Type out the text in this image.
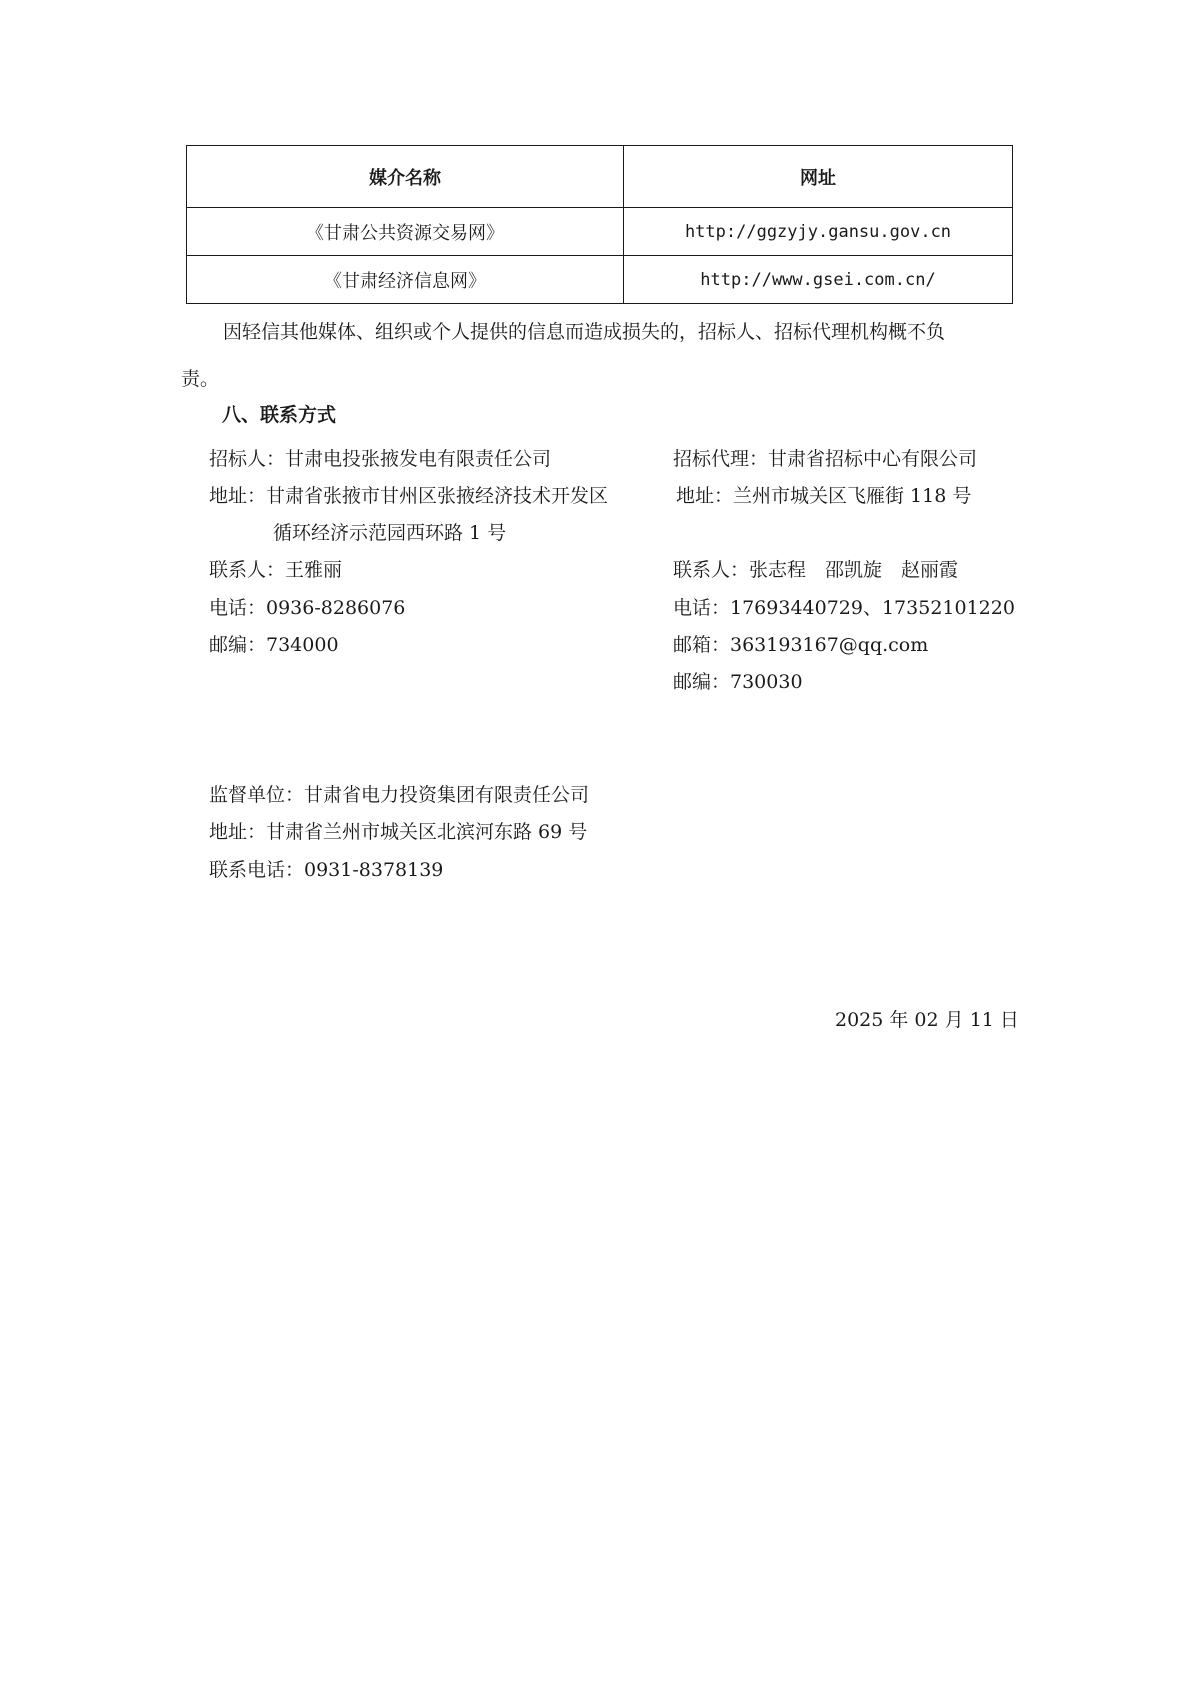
媒介名称	网址
《甘肃公共资源交易网》	http://ggzyjy.gansu.gov.cn
《甘肃经济信息网》	http://www.gsei.com.cn/
因轻信其他媒体、组织或个人提供的信息而造成损失的，招标人、招标代理机构概不负
责。
八、联系方式
招标人：甘肃电投张掖发电有限责任公司
地址：甘肃省张掖市甘州区张掖经济技术开发区
循环经济示范园西环路 1 号
联系人：王雅丽
电话：0936-8286076
邮编：734000
招标代理：甘肃省招标中心有限公司
地址：兰州市城关区飞雁街 118 号
联系人：张志程　邵凯旋　赵丽霞
电话：17693440729、17352101220
邮箱：363193167@qq.com
邮编：730030
监督单位：甘肃省电力投资集团有限责任公司
地址：甘肃省兰州市城关区北滨河东路 69 号
联系电话：0931-8378139
2025 年 02 月 11 日
